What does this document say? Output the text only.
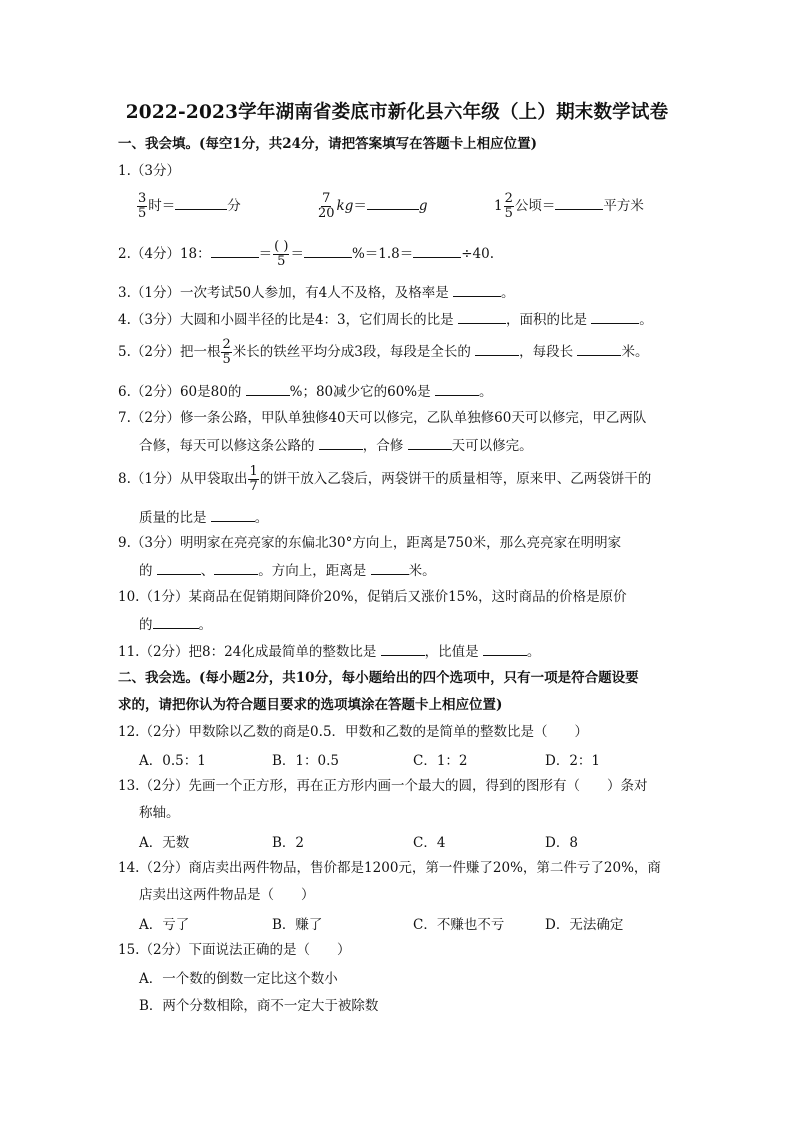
2022-2023学年湖南省娄底市新化县六年级（上）期末数学试卷
一、我会填。(每空1分，共24分，请把答案填写在答题卡上相应位置)
1.（3分）
$\frac{3}{5}$ 时＝	分	$\frac{7}{20} kg=$	g	$1 \frac{2}{5}$ 公顷＝	平方米
2.（4分）18：	＝ $\frac{( )}{5}$ ＝	%＝1.8＝	÷40.
3.（1分）一次考试50人参加，有4人不及格，及格率是	。
4.（3分）大圆和小圆半径的比是4：3，它们周长的比是	，面积的比是	。
5.（2分）把一根 $\frac{2}{5}$ 米长的铁丝平均分成3段，每段是全长的	，每段长	米。
6.（2分）60是80的	%；80减少它的60%是	。
7.（2分）修一条公路，甲队单独修40天可以修完，乙队单独修60天可以修完，甲乙两队
合修，每天可以修这条公路的	，合修	天可以修完。
8.（1分）从甲袋取出 $\frac{1}{7}$ 的饼干放入乙袋后，两袋饼干的质量相等，原来甲、乙两袋饼干的
质量的比是	。
9.（3分）明明家在亮亮家的东偏北30°方向上，距离是750米，那么亮亮家在明明家
的	、	。方向上，距离是	米。
10.（1分）某商品在促销期间降价20%，促销后又涨价15%，这时商品的价格是原价
的	。
11.（2分）把8：24化成最简单的整数比是	，比值是	。
二、我会选。(每小题2分，共10分，每小题给出的四个选项中，只有一项是符合题设要
求的，请把你认为符合题目要求的选项填涂在答题卡上相应位置)
12.（2分）甲数除以乙数的商是0.5．甲数和乙数的是简单的整数比是（　　）
A．0.5：1	B．1：0.5	C．1：2	D．2：1
13.（2分）先画一个正方形，再在正方形内画一个最大的圆，得到的图形有（　　）条对
称轴。
A．无数	B．2	C．4	D．8
14.（2分）商店卖出两件物品，售价都是1200元，第一件赚了20%，第二件亏了20%，商
店卖出这两件物品是（　　）
A．亏了	B．赚了	C．不赚也不亏	D．无法确定
15.（2分）下面说法正确的是（　　）
A．一个数的倒数一定比这个数小
B．两个分数相除，商不一定大于被除数
